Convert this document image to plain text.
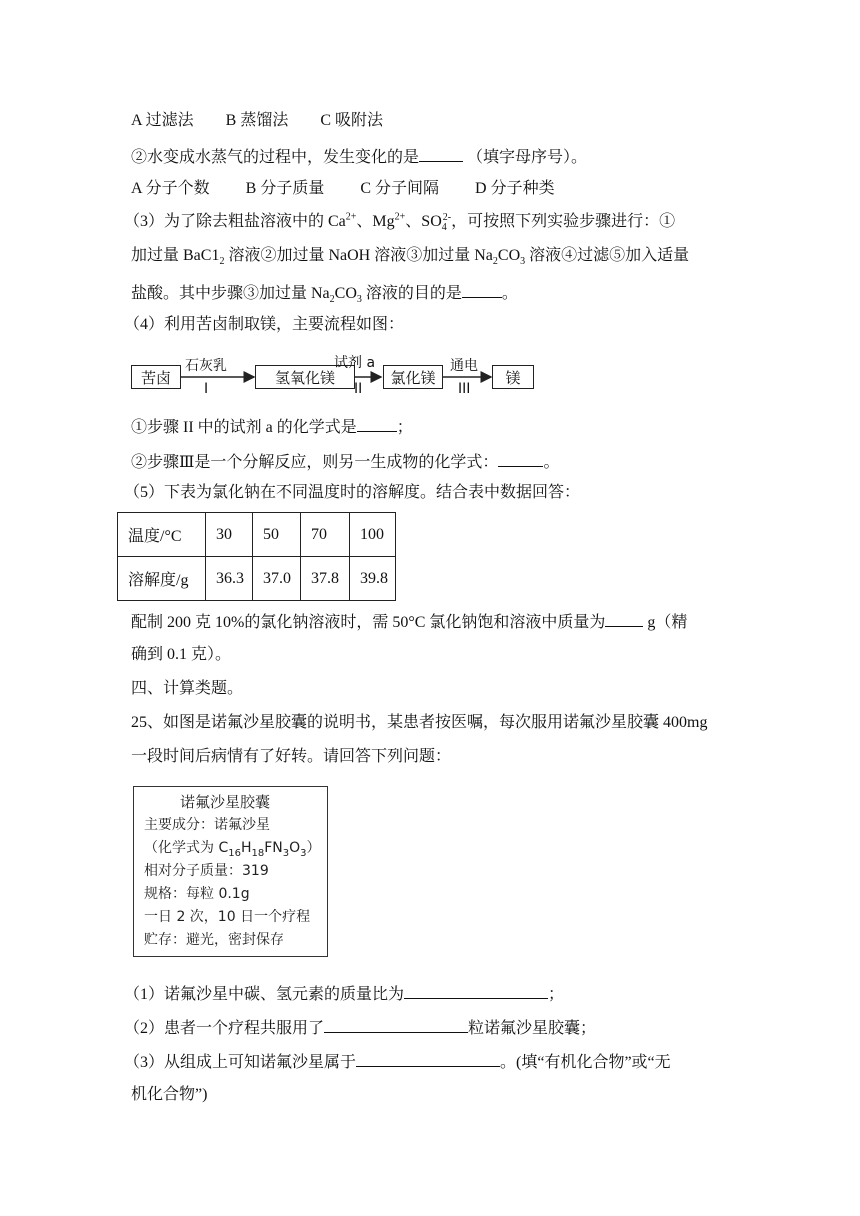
A 过滤法　　B 蒸馏法　　C 吸附法
②水变成水蒸气的过程中，发生变化的是	（填字母序号）。
A 分子个数　　 B 分子质量　　 C 分子间隔　　 D 分子种类
（3）为了除去粗盐溶液中的 $Ca^{2+}$、$Mg^{2+}$、$SO_4^{2-}$，可按照下列实验步骤进行：①
加过量 $BaC1_2$ 溶液②加过量 NaOH 溶液③加过量 $Na_2CO_3$ 溶液④过滤⑤加入适量
盐酸。其中步骤③加过量 $Na_2CO_3$ 溶液的目的是	。
（4）利用苦卤制取镁，主要流程如图：
苦卤	氢氧化镁	氯化镁	镁
石灰乳
I
试剂 a
II
通电
III
①步骤 II 中的试剂 a 的化学式是	；
②步骤Ⅲ是一个分解反应，则另一生成物的化学式：	。
（5）下表为氯化钠在不同温度时的溶解度。结合表中数据回答：
温度/°C	30	50	70	100
溶解度/g	36.3	37.0	37.8	39.8
配制 200 克 10%的氯化钠溶液时，需 50°C 氯化钠饱和溶液中质量为 g（精
确到 0.1 克）。
四、计算类题。
25、如图是诺氟沙星胶囊的说明书，某患者按医嘱，每次服用诺氟沙星胶囊 400mg
一段时间后病情有了好转。请回答下列问题：
诺氟沙星胶囊
主要成分：诺氟沙星
（化学式为 $C_{16}H_{18}FN_3O_3$）
相对分子质量：319
规格：每粒 0.1g
一日 2 次，10 日一个疗程
贮存：避光，密封保存
（1）诺氟沙星中碳、氢元素的质量比为	；
（2）患者一个疗程共服用了	粒诺氟沙星胶囊；
（3）从组成上可知诺氟沙星属于	。(填“有机化合物”或“无
机化合物”)
